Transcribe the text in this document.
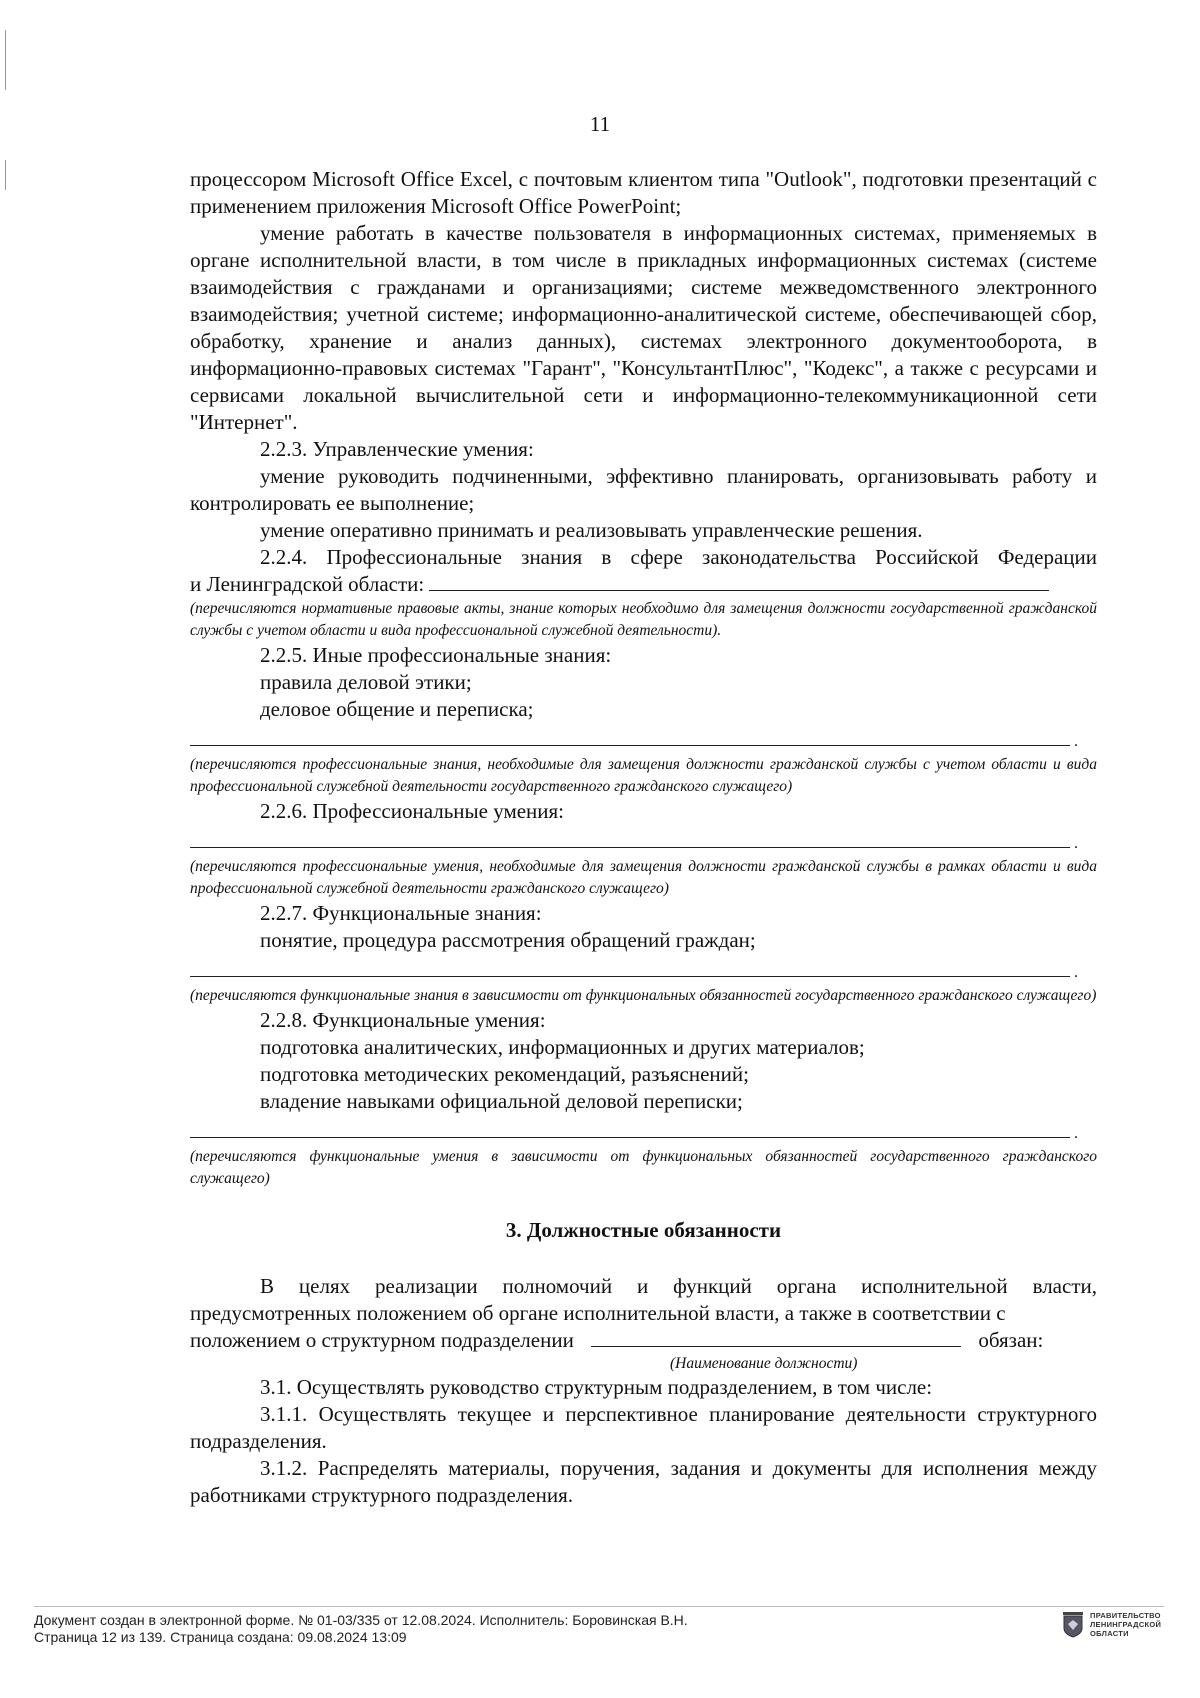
11

процессором Microsoft Office Excel, с почтовым клиентом типа "Outlook", подготовки презентаций с применением приложения Microsoft Office PowerPoint;

умение работать в качестве пользователя в информационных системах, применяемых в органе исполнительной власти, в том числе в прикладных информационных системах (системе взаимодействия с гражданами и организациями; системе межведомственного электронного взаимодействия; учетной системе; информационно-аналитической системе, обеспечивающей сбор, обработку, хранение и анализ данных), системах электронного документооборота, в информационно-правовых системах "Гарант", "КонсультантПлюс", "Кодекс", а также с ресурсами и сервисами локальной вычислительной сети и информационно-телекоммуникационной сети "Интернет".

2.2.3. Управленческие умения:

умение руководить подчиненными, эффективно планировать, организовывать работу и контролировать ее выполнение;

умение оперативно принимать и реализовывать управленческие решения.

2.2.4. Профессиональные знания в сфере законодательства Российской Федерации

и Ленинградской области:

(перечисляются нормативные правовые акты, знание которых необходимо для замещения должности государственной гражданской службы с учетом области и вида профессиональной служебной деятельности).

2.2.5. Иные профессиональные знания:

правила деловой этики;

деловое общение и переписка;

.

(перечисляются профессиональные знания, необходимые для замещения должности гражданской службы с учетом области и вида профессиональной служебной деятельности государственного гражданского служащего)

2.2.6. Профессиональные умения:

.

(перечисляются профессиональные умения, необходимые для замещения должности гражданской службы в рамках области и вида профессиональной служебной деятельности гражданского служащего)

2.2.7. Функциональные знания:

понятие, процедура рассмотрения обращений граждан;

.

(перечисляются функциональные знания в зависимости от функциональных обязанностей государственного гражданского служащего)

2.2.8. Функциональные умения:

подготовка аналитических, информационных и других материалов;

подготовка методических рекомендаций, разъяснений;

владение навыками официальной деловой переписки;

.

(перечисляются функциональные умения в зависимости от функциональных обязанностей государственного гражданского служащего)

3. Должностные обязанности

В целях реализации полномочий и функций органа исполнительной власти, предусмотренных положением об органе исполнительной власти, а также в соответствии с

положением о структурном подразделении	обязан:

(Наименование должности)

3.1. Осуществлять руководство структурным подразделением, в том числе:

3.1.1. Осуществлять текущее и перспективное планирование деятельности структурного подразделения.

3.1.2. Распределять материалы, поручения, задания и документы для исполнения между работниками структурного подразделения.

Документ создан в электронной форме. № 01-03/335 от 12.08.2024. Исполнитель: Боровинская В.Н.
Страница 12 из 139. Страница создана: 09.08.2024 13:09
ПРАВИТЕЛЬСТВО ЛЕНИНГРАДСКОЙ ОБЛАСТИ
